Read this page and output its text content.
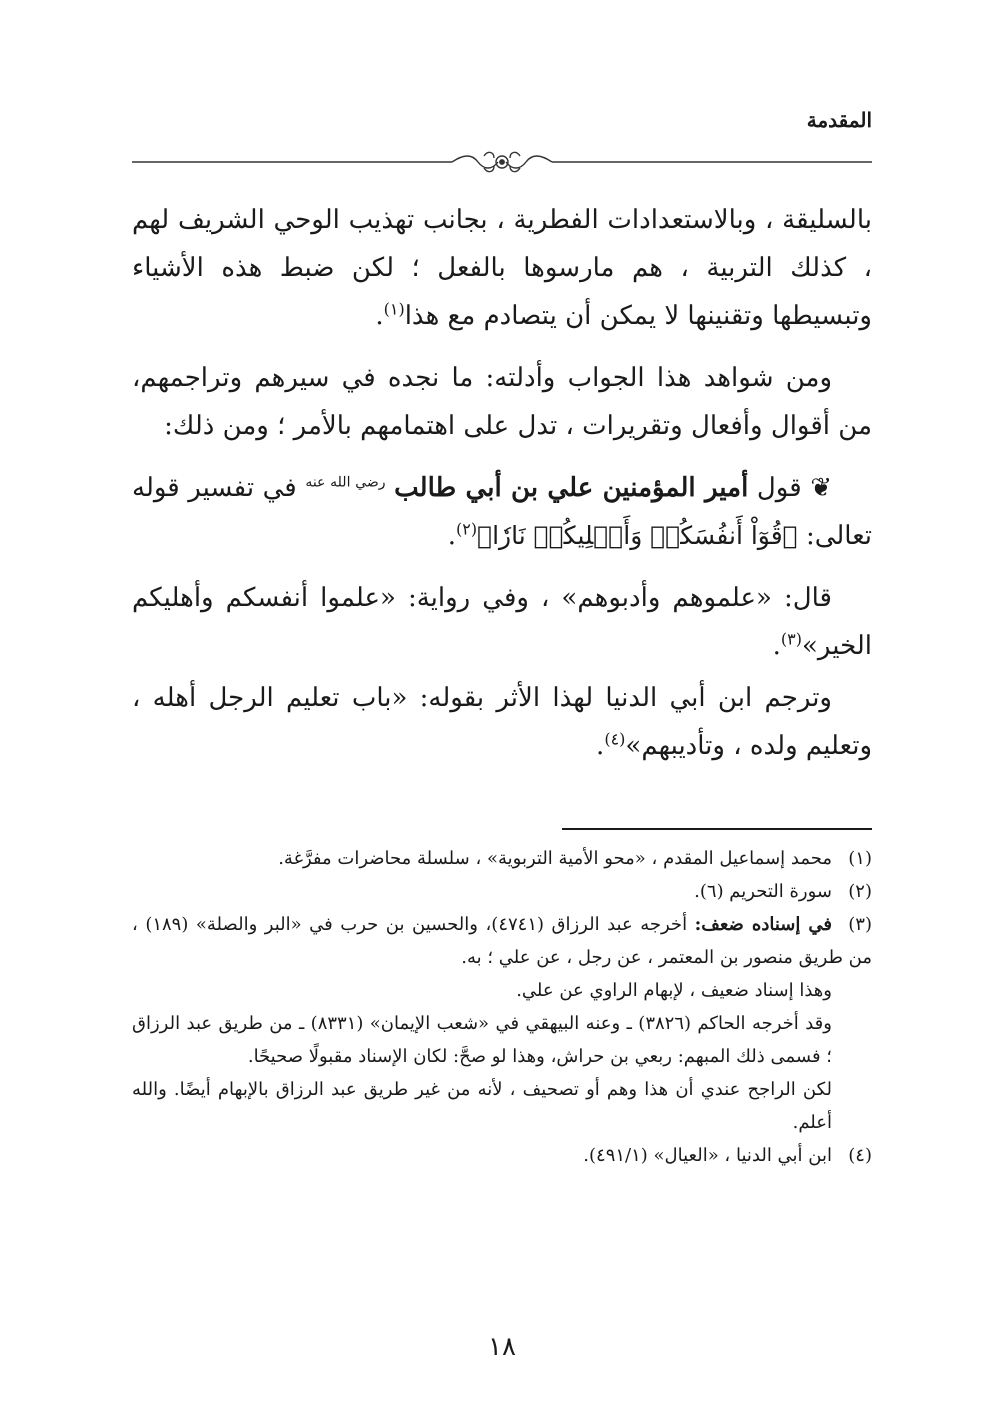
المقدمة

بالسليقة ، وبالاستعدادات الفطرية ، بجانب تهذيب الوحي الشريف لهم ، كذلك التربية ، هم مارسوها بالفعل ؛ لكن ضبط هذه الأشياء وتبسيطها وتقنينها لا يمكن أن يتصادم مع هذا$^{(١)}$.

ومن شواهد هذا الجواب وأدلته: ما نجده في سيرهم وتراجمهم، من أقوال وأفعال وتقريرات ، تدل على اهتمامهم بالأمر ؛ ومن ذلك:

❦ قول أمير المؤمنين علي بن أبي طالب $^{رضي الله عنه}$ في تفسير قوله تعالى: ﴿قُوٓاْ أَنفُسَكُمۡ وَأَهۡلِيكُمۡ نَارٗا﴾$^{(٢)}$.

قال: «علموهم وأدبوهم» ، وفي رواية: «علموا أنفسكم وأهليكم الخير»$^{(٣)}$.

وترجم ابن أبي الدنيا لهذا الأثر بقوله: «باب تعليم الرجل أهله ، وتعليم ولده ، وتأديبهم»$^{(٤)}$.

(١)محمد إسماعيل المقدم ، «محو الأمية التربوية» ، سلسلة محاضرات مفرَّغة.

(٢)سورة التحريم (٦).

(٣)في إسناده ضعف: أخرجه عبد الرزاق (٤٧٤١)، والحسين بن حرب في «البر والصلة» (١٨٩) ، من طريق منصور بن المعتمر ، عن رجل ، عن علي ؛ به.

وهذا إسناد ضعيف ، لإبهام الراوي عن علي.

وقد أخرجه الحاكم (٣٨٢٦) ـ وعنه البيهقي في «شعب الإيمان» (٨٣٣١) ـ من طريق عبد الرزاق ؛ فسمى ذلك المبهم: ربعي بن حراش، وهذا لو صحَّ: لكان الإسناد مقبولًا صحيحًا.

لكن الراجح عندي أن هذا وهم أو تصحيف ، لأنه من غير طريق عبد الرزاق بالإبهام أيضًا. والله أعلم.

(٤)ابن أبي الدنيا ، «العيال» (٤٩١/١).

١٨
